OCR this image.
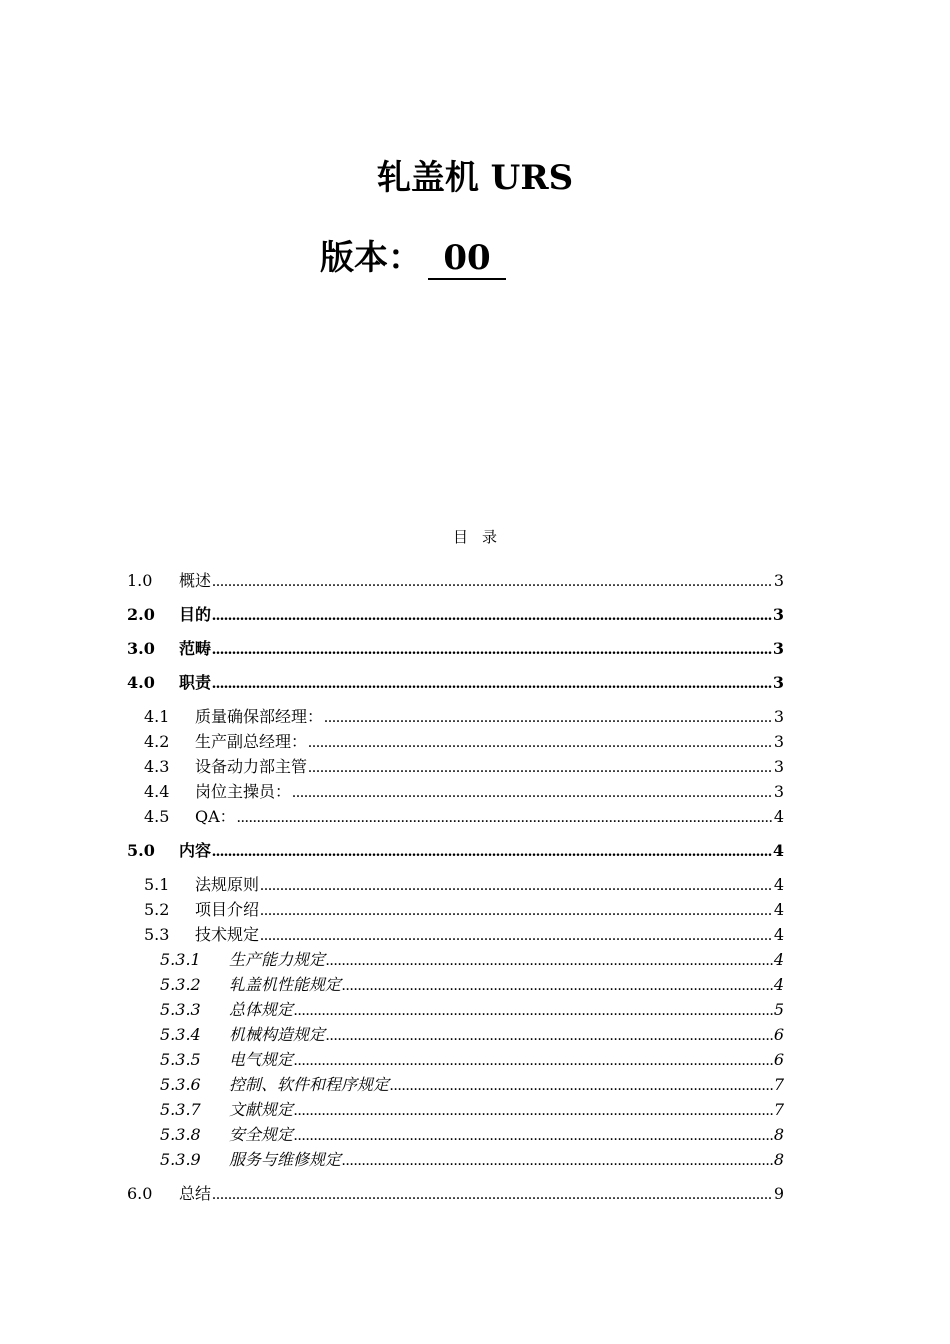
轧盖机 URS
版本： 00
目录
1.0	概述 .....	3
2.0	目的 .....	3
3.0	范畴 .....	3
4.0	职责 .....	3
4.1	质量确保部经理： .....	3
4.2	生产副总经理： .....	3
4.3	设备动力部主管 .....	3
4.4	岗位主操员： .....	3
4.5	QA： .....	4
5.0	内容 .....	4
5.1	法规原则 .....	4
5.2	项目介绍 .....	4
5.3	技术规定 .....	4
5.3.1	生产能力规定 .....	4
5.3.2	轧盖机性能规定 .....	4
5.3.3	总体规定 .....	5
5.3.4	机械构造规定 .....	6
5.3.5	电气规定 .....	6
5.3.6	控制、软件和程序规定 .....	7
5.3.7	文献规定 .....	7
5.3.8	安全规定 .....	8
5.3.9	服务与维修规定 .....	8
6.0	总结 .....	9
